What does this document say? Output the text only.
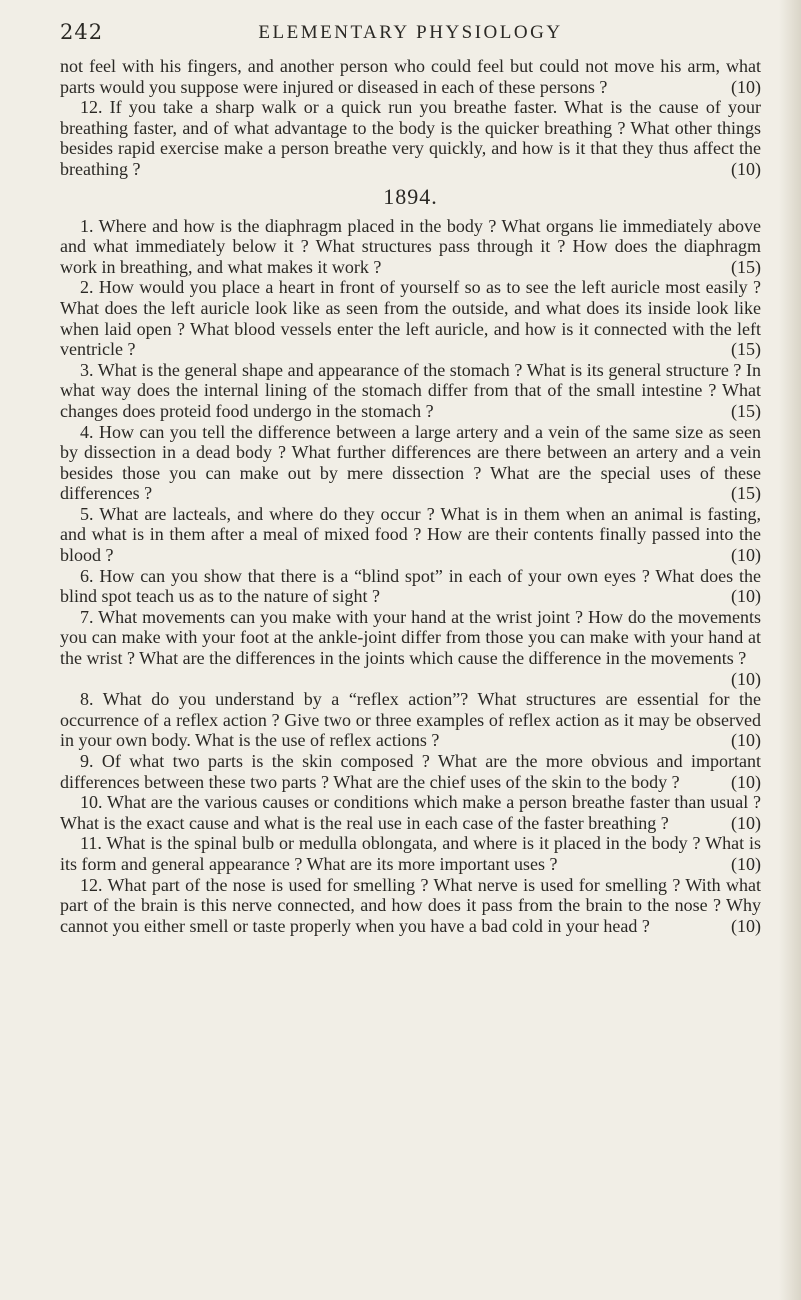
242	ELEMENTARY PHYSIOLOGY

not feel with his fingers, and another person who could feel but could not move his arm, what parts would you suppose were injured or diseased in each of these persons ?	(10)

12. If you take a sharp walk or a quick run you breathe faster. What is the cause of your breathing faster, and of what advantage to the body is the quicker breathing ? What other things besides rapid exercise make a person breathe very quickly, and how is it that they thus affect the breathing ?	(10)

1894.

1. Where and how is the diaphragm placed in the body ? What organs lie immediately above and what immediately below it ? What structures pass through it ? How does the diaphragm work in breathing, and what makes it work ?	(15)

2. How would you place a heart in front of yourself so as to see the left auricle most easily ? What does the left auricle look like as seen from the outside, and what does its inside look like when laid open ? What blood vessels enter the left auricle, and how is it connected with the left ventricle ?	(15)

3. What is the general shape and appearance of the stomach ? What is its general structure ? In what way does the internal lining of the stomach differ from that of the small intestine ? What changes does proteid food undergo in the stomach ?	(15)

4. How can you tell the difference between a large artery and a vein of the same size as seen by dissection in a dead body ? What further differences are there between an artery and a vein besides those you can make out by mere dissection ? What are the special uses of these differences ?	(15)

5. What are lacteals, and where do they occur ? What is in them when an animal is fasting, and what is in them after a meal of mixed food ? How are their contents finally passed into the blood ?	(10)

6. How can you show that there is a “blind spot” in each of your own eyes ? What does the blind spot teach us as to the nature of sight ?	(10)

7. What movements can you make with your hand at the wrist joint ? How do the movements you can make with your foot at the ankle-joint differ from those you can make with your hand at the wrist ? What are the differences in the joints which cause the difference in the movements ?
(10)

8. What do you understand by a “reflex action”? What structures are essential for the occurrence of a reflex action ? Give two or three examples of reflex action as it may be observed in your own body. What is the use of reflex actions ?	(10)

9. Of what two parts is the skin composed ? What are the more obvious and important differences between these two parts ? What are the chief uses of the skin to the body ?	(10)

10. What are the various causes or conditions which make a person breathe faster than usual ? What is the exact cause and what is the real use in each case of the faster breathing ?	(10)

11. What is the spinal bulb or medulla oblongata, and where is it placed in the body ? What is its form and general appearance ? What are its more important uses ?	(10)

12. What part of the nose is used for smelling ? What nerve is used for smelling ? With what part of the brain is this nerve connected, and how does it pass from the brain to the nose ? Why cannot you either smell or taste properly when you have a bad cold in your head ?	(10)
